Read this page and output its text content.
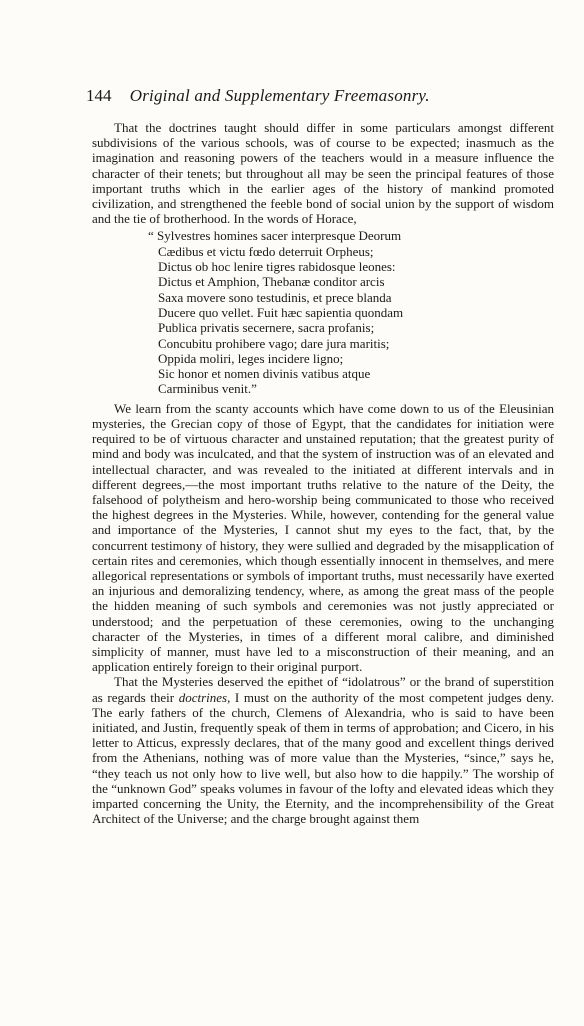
144 Original and Supplementary Freemasonry.

That the doctrines taught should differ in some particulars amongst different subdivisions of the various schools, was of course to be expected; inasmuch as the imagination and reasoning powers of the teachers would in a measure influence the character of their tenets; but throughout all may be seen the principal features of those important truths which in the earlier ages of the history of mankind promoted civilization, and strengthened the feeble bond of social union by the support of wisdom and the tie of brotherhood. In the words of Horace,

“ Sylvestres homines sacer interpresque Deorum
Cædibus et victu fœdo deterruit Orpheus;
Dictus ob hoc lenire tigres rabidosque leones:
Dictus et Amphion, Thebanæ conditor arcis
Saxa movere sono testudinis, et prece blanda
Ducere quo vellet. Fuit hæc sapientia quondam
Publica privatis secernere, sacra profanis;
Concubitu prohibere vago; dare jura maritis;
Oppida moliri, leges incidere ligno;
Sic honor et nomen divinis vatibus atque
Carminibus venit.”

We learn from the scanty accounts which have come down to us of the Eleusinian mysteries, the Grecian copy of those of Egypt, that the candidates for initiation were required to be of virtuous character and unstained reputation; that the greatest purity of mind and body was inculcated, and that the system of instruction was of an elevated and intellectual character, and was revealed to the initiated at different intervals and in different degrees,—the most important truths relative to the nature of the Deity, the falsehood of polytheism and hero-worship being communicated to those who received the highest degrees in the Mysteries. While, however, contending for the general value and importance of the Mysteries, I cannot shut my eyes to the fact, that, by the concurrent testimony of history, they were sullied and degraded by the misapplication of certain rites and ceremonies, which though essentially innocent in themselves, and mere allegorical representations or symbols of important truths, must necessarily have exerted an injurious and demoralizing tendency, where, as among the great mass of the people the hidden meaning of such symbols and ceremonies was not justly appreciated or understood; and the perpetuation of these ceremonies, owing to the unchanging character of the Mysteries, in times of a different moral calibre, and diminished simplicity of manner, must have led to a misconstruction of their meaning, and an application entirely foreign to their original purport.

That the Mysteries deserved the epithet of “idolatrous” or the brand of superstition as regards their doctrines, I must on the authority of the most competent judges deny. The early fathers of the church, Clemens of Alexandria, who is said to have been initiated, and Justin, frequently speak of them in terms of approbation; and Cicero, in his letter to Atticus, expressly declares, that of the many good and excellent things derived from the Athenians, nothing was of more value than the Mysteries, “since,” says he, “they teach us not only how to live well, but also how to die happily.” The worship of the “unknown God” speaks volumes in favour of the lofty and elevated ideas which they imparted concerning the Unity, the Eternity, and the incomprehensibility of the Great Architect of the Universe; and the charge brought against them
